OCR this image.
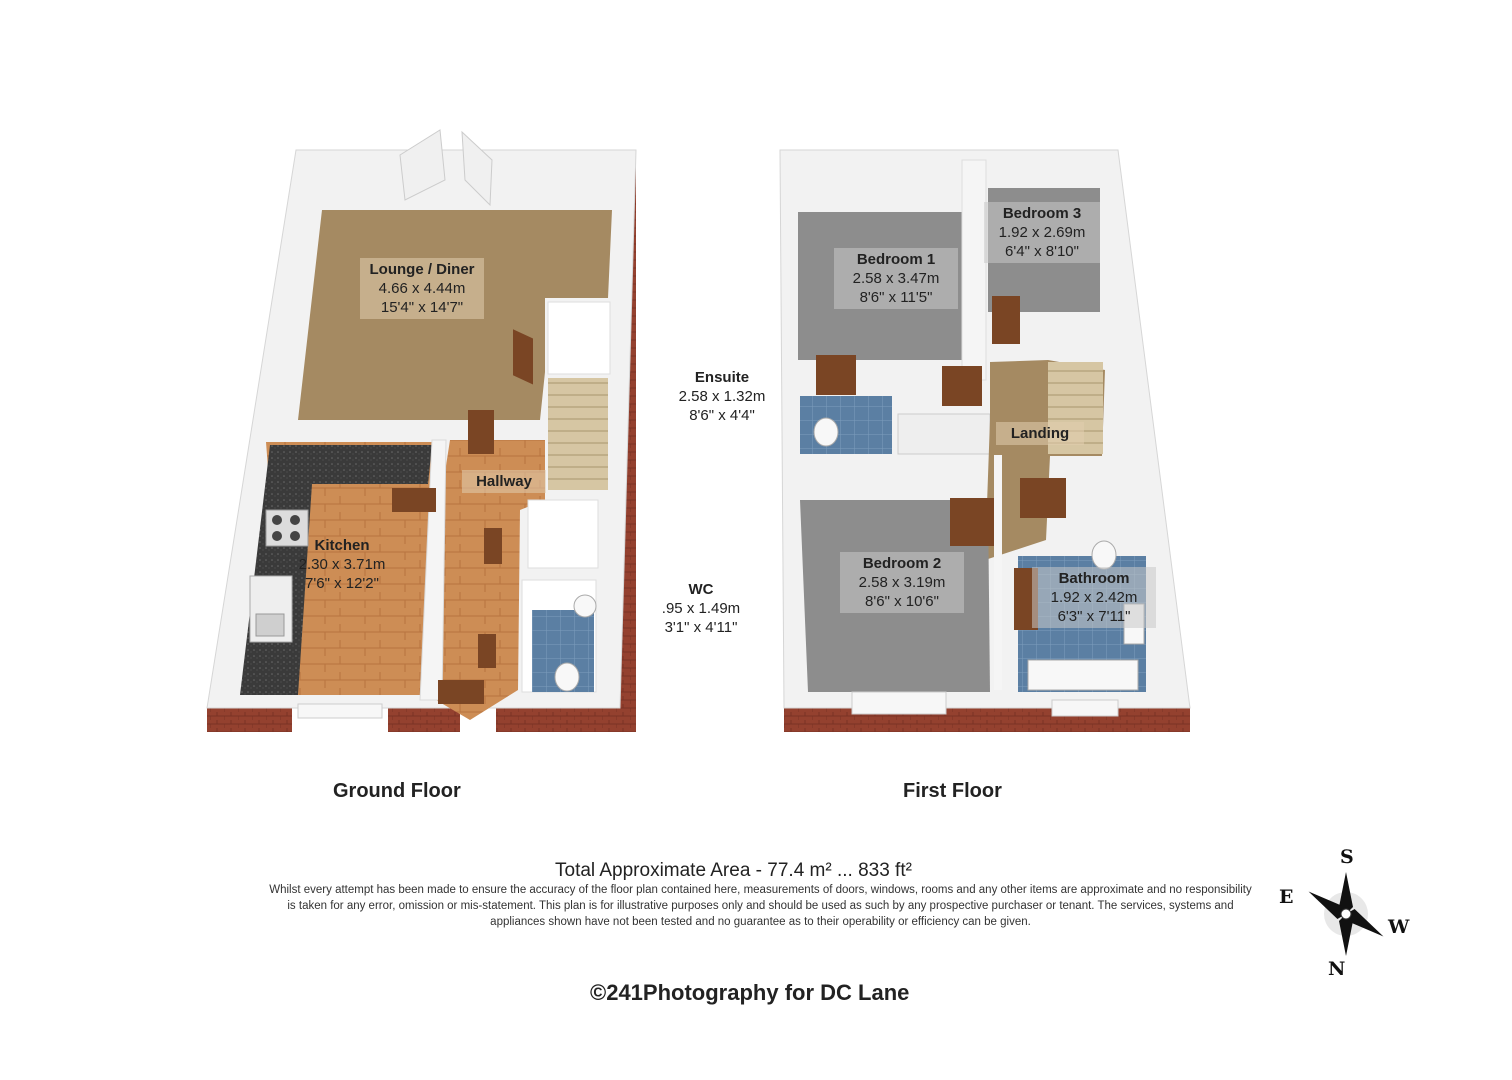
Lounge / Diner
4.66 x 4.44m
15'4" x 14'7"
Kitchen
2.30 x 3.71m
7'6" x 12'2"
Hallway
WC
.95 x 1.49m
3'1" x 4'11"
Bedroom 1
2.58 x 3.47m
8'6" x 11'5"
Bedroom 3
1.92 x 2.69m
6'4" x 8'10"
Ensuite
2.58 x 1.32m
8'6" x 4'4"
Landing
Bedroom 2
2.58 x 3.19m
8'6" x 10'6"
Bathroom
1.92 x 2.42m
6'3" x 7'11"
Ground Floor	First Floor
Total Approximate Area - 77.4 m² ... 833 ft²
Whilst every attempt has been made to ensure the accuracy of the floor plan contained here, measurements of doors, windows, rooms and any other items are approximate and no responsibility is taken for any error, omission or mis-statement. This plan is for illustrative purposes only and should be used as such by any prospective purchaser or tenant. The services, systems and appliances shown have not been tested and no guarantee as to their operability or efficiency can be given.
©241Photography for DC Lane
S
E
W
N
